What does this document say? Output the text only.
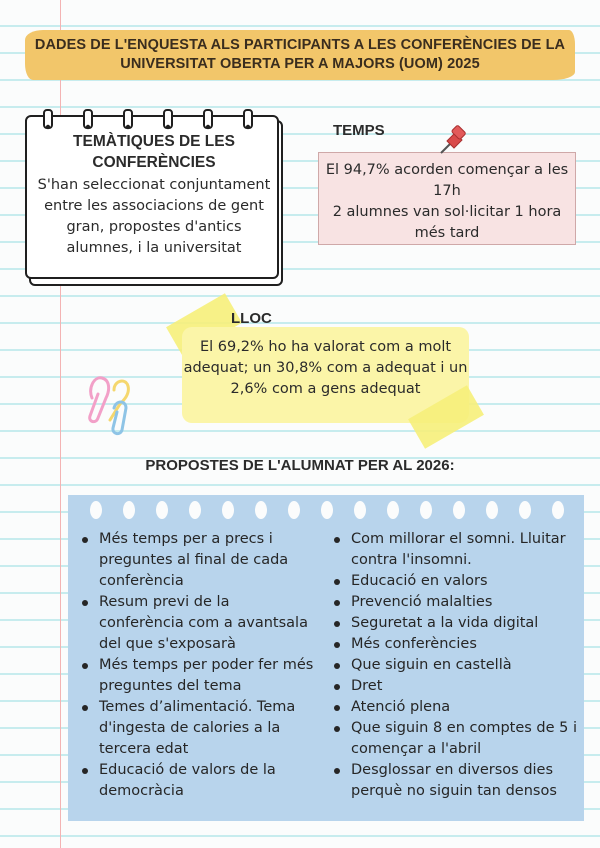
DADES DE L'ENQUESTA ALS PARTICIPANTS A LES CONFERÈNCIES DE LA UNIVERSITAT OBERTA PER A MAJORS (UOM) 2025
TEMÀTIQUES DE LES CONFERÈNCIES
S'han seleccionat conjuntament entre les associacions de gent gran, propostes d'antics alumnes, i la universitat
TEMPS

El 94,7% acorden començar a les 17h

2 alumnes van sol·licitar 1 hora més tard

El 69,2% ho ha valorat com a molt adequat; un 30,8% com a adequat i un 2,6% com a gens adequat
LLOC
PROPOSTES DE L'ALUMNAT PER AL 2026:
Més temps per a precs i preguntes al final de cada conferència
Resum previ de la conferència com a avantsala del que s'exposarà
Més temps per poder fer més preguntes del tema
Temes d’alimentació. Tema d'ingesta de calories a la tercera edat
Educació de valors de la democràcia
Com millorar el somni. Lluitar contra l'insomni.
Educació en valors
Prevenció malalties
Seguretat a la vida digital
Més conferències
Que siguin en castellà
Dret
Atenció plena
Que siguin 8 en comptes de 5 i començar a l'abril
Desglossar en diversos dies perquè no siguin tan densos
